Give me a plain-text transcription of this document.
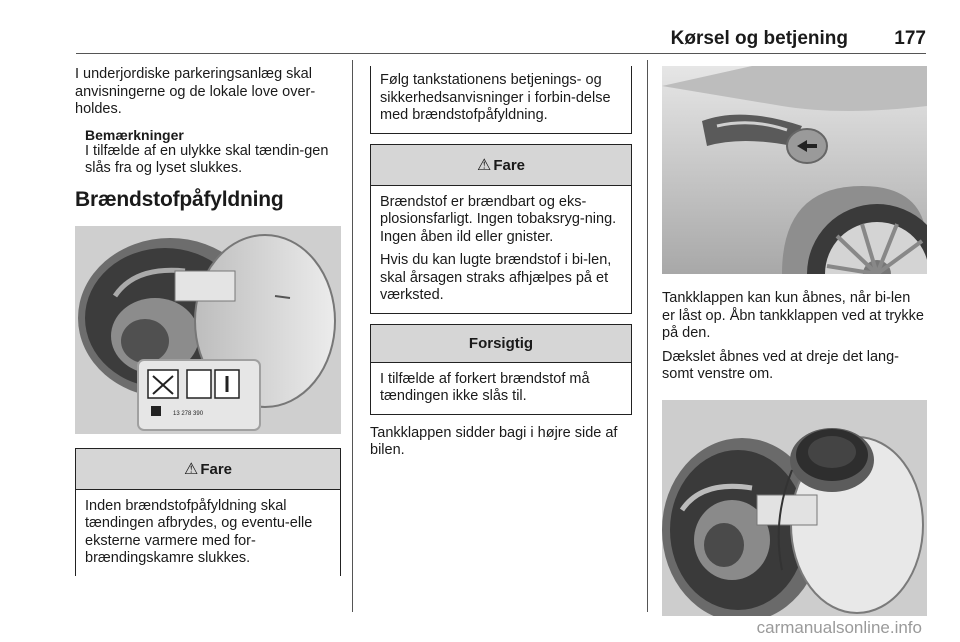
Kørsel og betjening 177

I underjordiske parkeringsanlæg skal anvisningerne og de lokale love over-holdes.

Bemærkninger

I tilfælde af en ulykke skal tændin-gen slås fra og lyset slukkes.

Brændstofpåfyldning
13 278 390
⚠ Fare

Inden brændstofpåfyldning skal tændingen afbrydes, og eventu-elle eksterne varmere med for-brændingskamre slukkes.

Følg tankstationens betjenings- og sikkerhedsanvisninger i forbin-delse med brændstofpåfyldning.

⚠ Fare

Brændstof er brændbart og eks-plosionsfarligt. Ingen tobaksryg-ning. Ingen åben ild eller gnister.

Hvis du kan lugte brændstof i bi-len, skal årsagen straks afhjælpes på et værksted.

Forsigtig

I tilfælde af forkert brændstof må tændingen ikke slås til.

Tankklappen sidder bagi i højre side af bilen.

Tankklappen kan kun åbnes, når bi-len er låst op. Åbn tankklappen ved at trykke på den.

Dækslet åbnes ved at dreje det lang-somt venstre om.

carmanualsonline.info
